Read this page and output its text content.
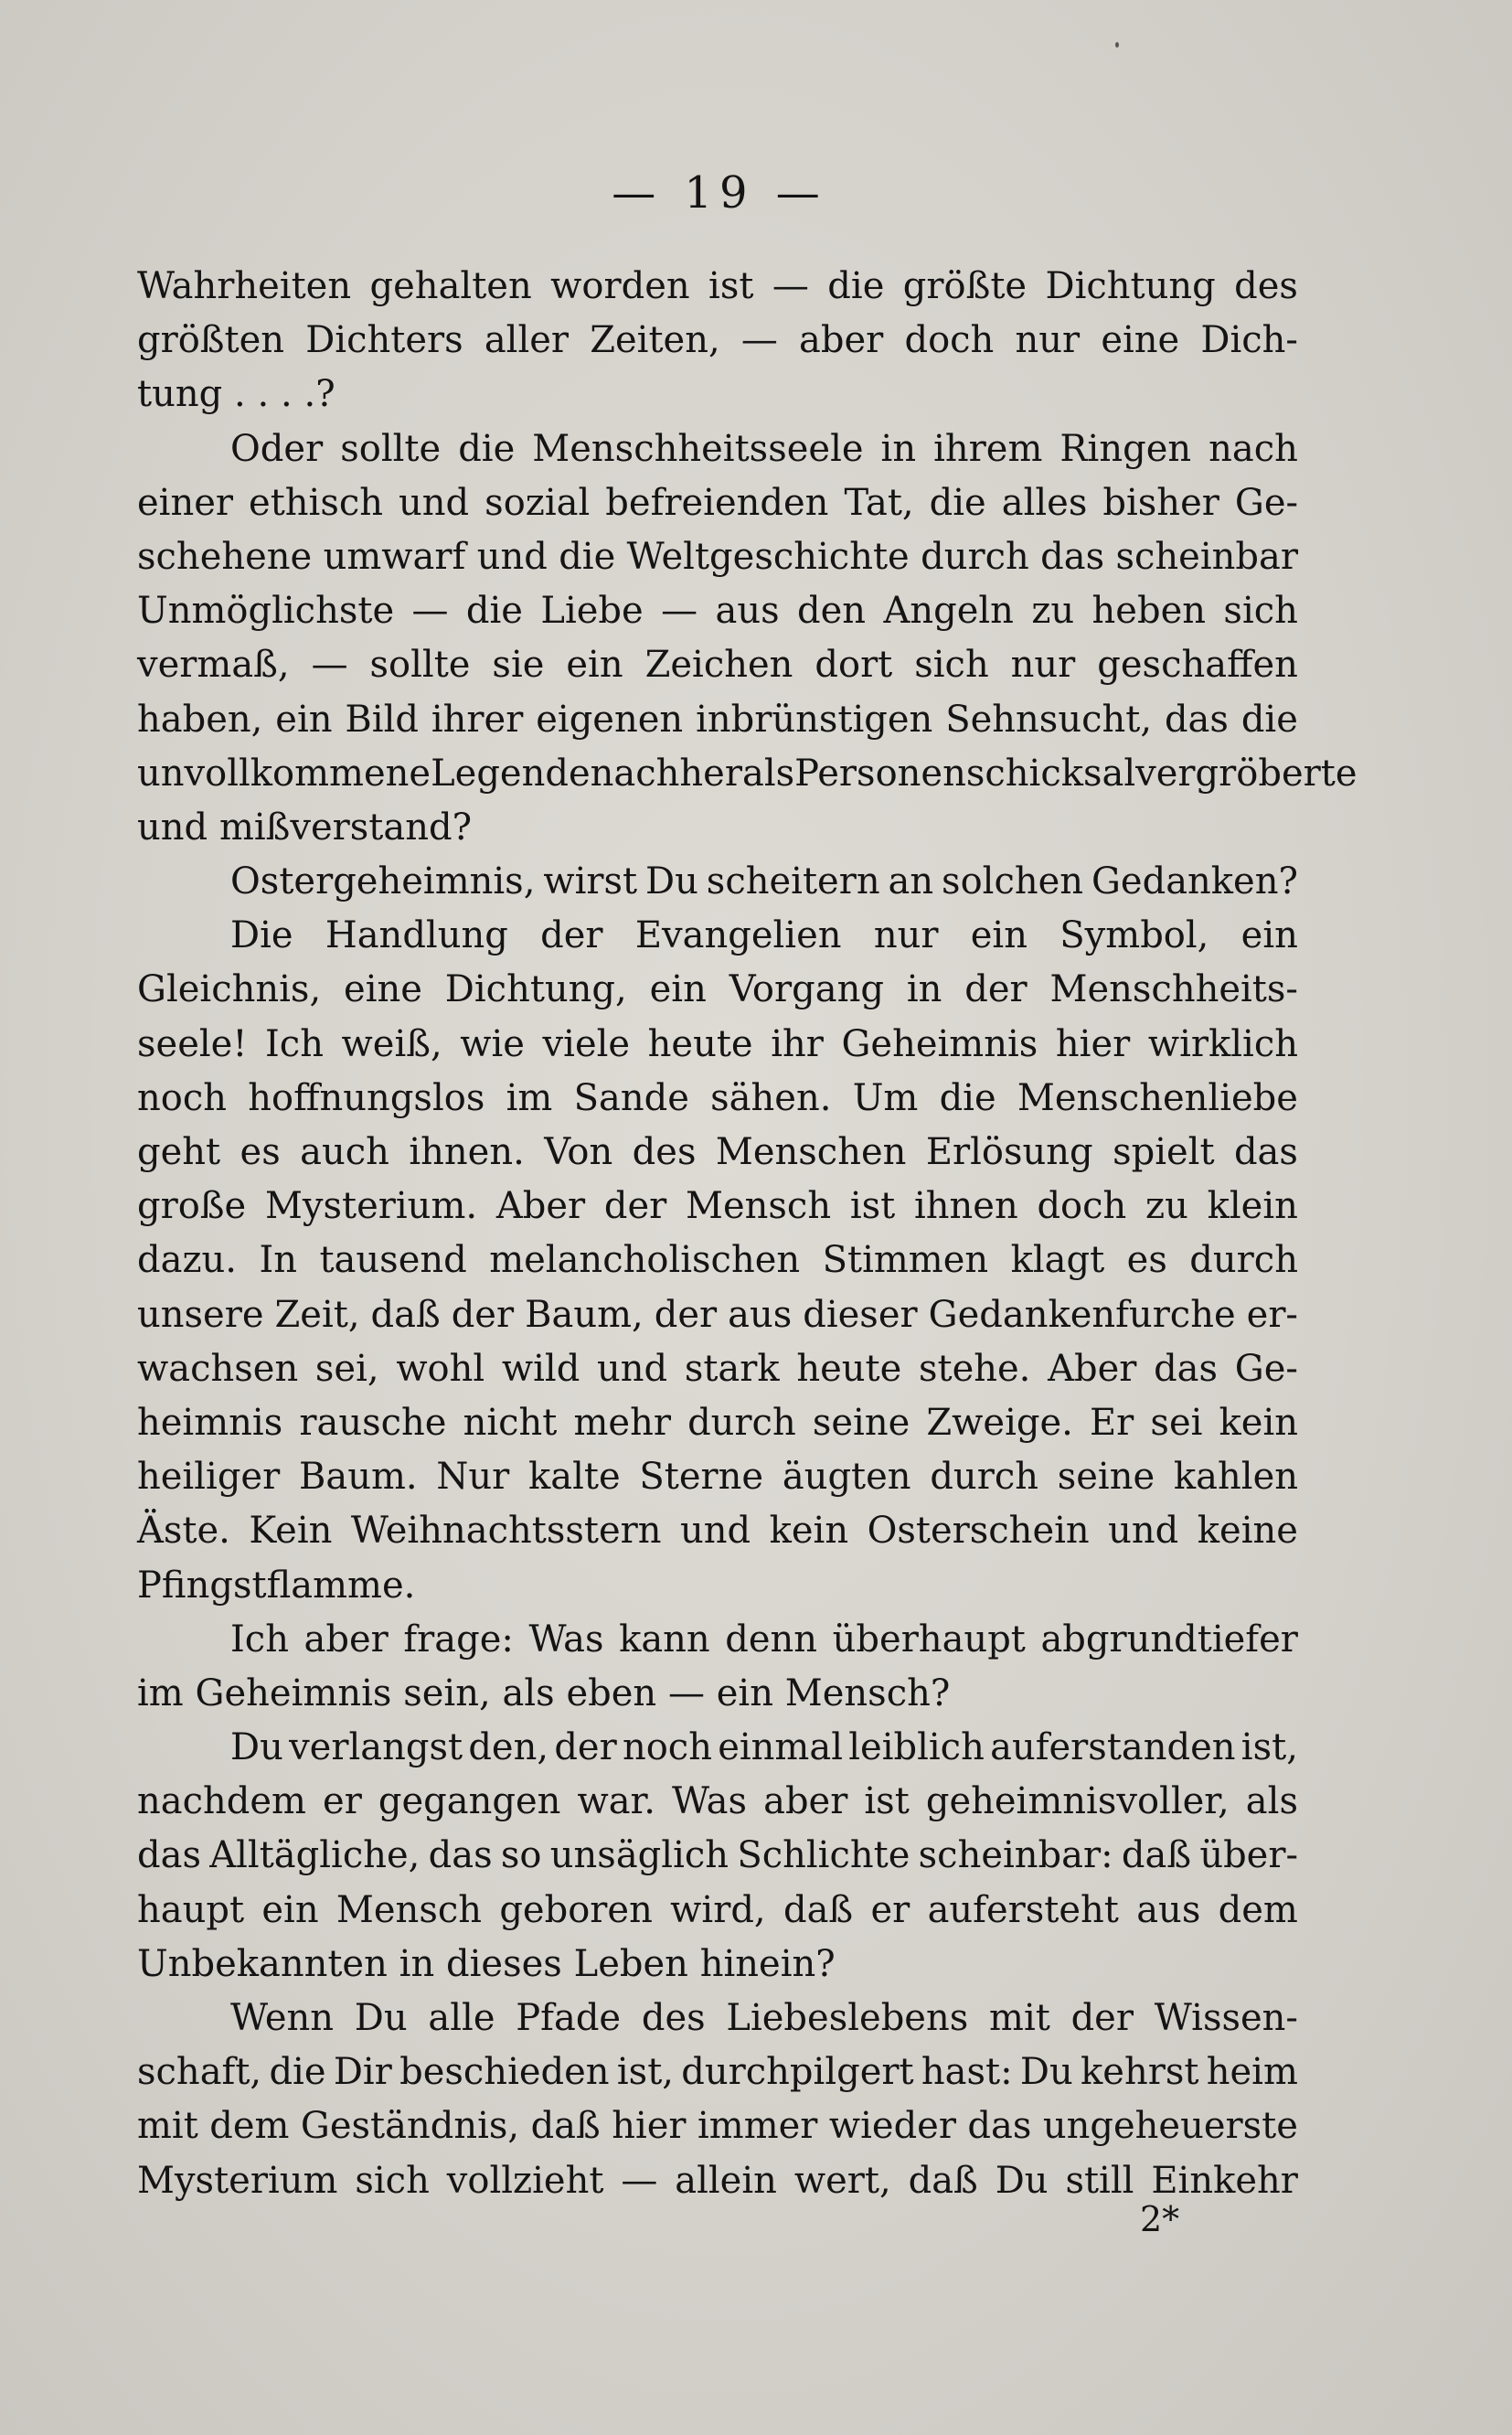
— 19 —
Wahrheiten gehalten worden ist — die größte Dichtung des
größten Dichters aller Zeiten, — aber doch nur eine Dich-
tung . . . .?
Oder sollte die Menschheitsseele in ihrem Ringen nach
einer ethisch und sozial befreienden Tat, die alles bisher Ge-
schehene umwarf und die Weltgeschichte durch das scheinbar
Unmöglichste — die Liebe — aus den Angeln zu heben sich
vermaß, — sollte sie ein Zeichen dort sich nur geschaffen
haben, ein Bild ihrer eigenen inbrünstigen Sehnsucht, das die
unvollkommene Legende nachher als Personenschicksal vergröberte
und mißverstand?
Ostergeheimnis, wirst Du scheitern an solchen Gedanken?
Die Handlung der Evangelien nur ein Symbol, ein
Gleichnis, eine Dichtung, ein Vorgang in der Menschheits-
seele! Ich weiß, wie viele heute ihr Geheimnis hier wirklich
noch hoffnungslos im Sande sähen. Um die Menschenliebe
geht es auch ihnen. Von des Menschen Erlösung spielt das
große Mysterium. Aber der Mensch ist ihnen doch zu klein
dazu. In tausend melancholischen Stimmen klagt es durch
unsere Zeit, daß der Baum, der aus dieser Gedankenfurche er-
wachsen sei, wohl wild und stark heute stehe. Aber das Ge-
heimnis rausche nicht mehr durch seine Zweige. Er sei kein
heiliger Baum. Nur kalte Sterne äugten durch seine kahlen
Äste. Kein Weihnachtsstern und kein Osterschein und keine
Pfingstflamme.
Ich aber frage: Was kann denn überhaupt abgrundtiefer
im Geheimnis sein, als eben — ein Mensch?
Du verlangst den, der noch einmal leiblich auferstanden ist,
nachdem er gegangen war. Was aber ist geheimnisvoller, als
das Alltägliche, das so unsäglich Schlichte scheinbar: daß über-
haupt ein Mensch geboren wird, daß er aufersteht aus dem
Unbekannten in dieses Leben hinein?
Wenn Du alle Pfade des Liebeslebens mit der Wissen-
schaft, die Dir beschieden ist, durchpilgert hast: Du kehrst heim
mit dem Geständnis, daß hier immer wieder das ungeheuerste
Mysterium sich vollzieht — allein wert, daß Du still Einkehr
2*
